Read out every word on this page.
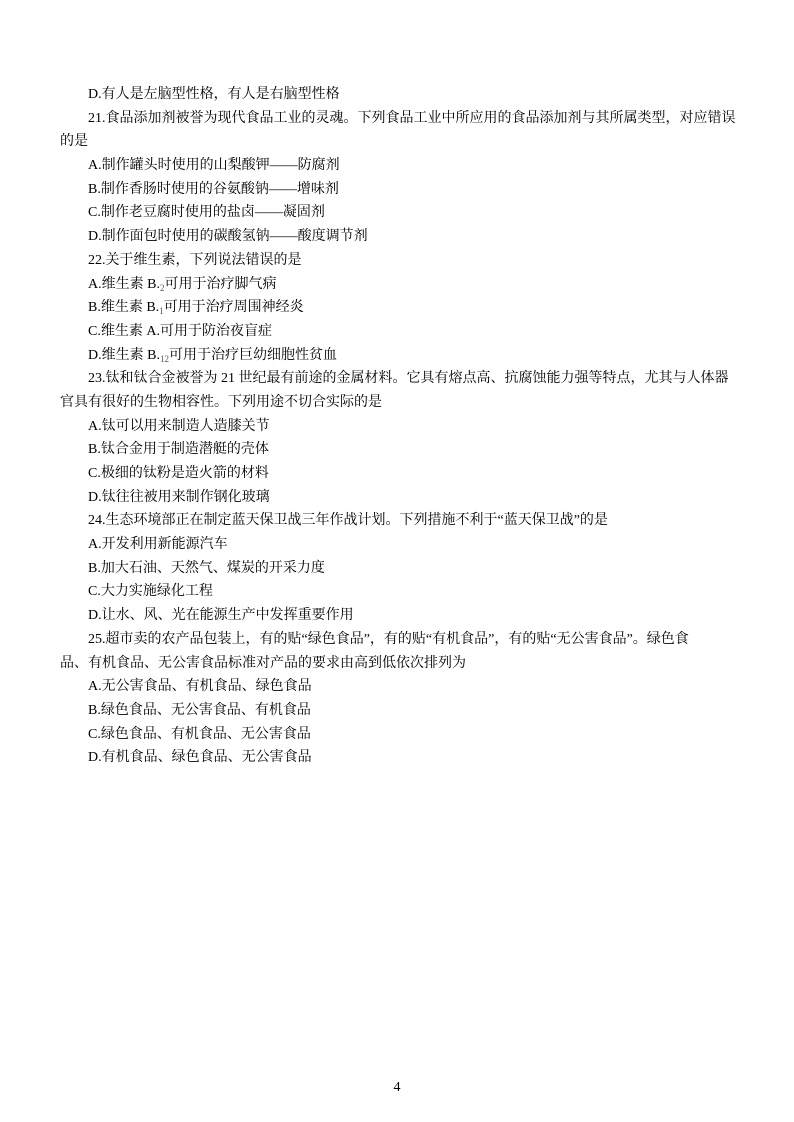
D.有人是左脑型性格，有人是右脑型性格
21.食品添加剂被誉为现代食品工业的灵魂。下列食品工业中所应用的食品添加剂与其所属类型，对应错误
的是
A.制作罐头时使用的山梨酸钾——防腐剂
B.制作香肠时使用的谷氨酸钠——增味剂
C.制作老豆腐时使用的盐卤——凝固剂
D.制作面包时使用的碳酸氢钠——酸度调节剂
22.关于维生素，下列说法错误的是
A.维生素 $B._2$可用于治疗脚气病
B.维生素 $B._1$可用于治疗周围神经炎
C.维生素 A.可用于防治夜盲症
D.维生素 $B._{12}$可用于治疗巨幼细胞性贫血
23.钛和钛合金被誉为 21 世纪最有前途的金属材料。它具有熔点高、抗腐蚀能力强等特点，尤其与人体器
官具有很好的生物相容性。下列用途不切合实际的是
A.钛可以用来制造人造膝关节
B.钛合金用于制造潜艇的壳体
C.极细的钛粉是造火箭的材料
D.钛往往被用来制作钢化玻璃
24.生态环境部正在制定蓝天保卫战三年作战计划。下列措施不利于“蓝天保卫战”的是
A.开发利用新能源汽车
B.加大石油、天然气、煤炭的开采力度
C.大力实施绿化工程
D.让水、风、光在能源生产中发挥重要作用
25.超市卖的农产品包装上，有的贴“绿色食品”，有的贴“有机食品”，有的贴“无公害食品”。绿色食
品、有机食品、无公害食品标准对产品的要求由高到低依次排列为
A.无公害食品、有机食品、绿色食品
B.绿色食品、无公害食品、有机食品
C.绿色食品、有机食品、无公害食品
D.有机食品、绿色食品、无公害食品
4
